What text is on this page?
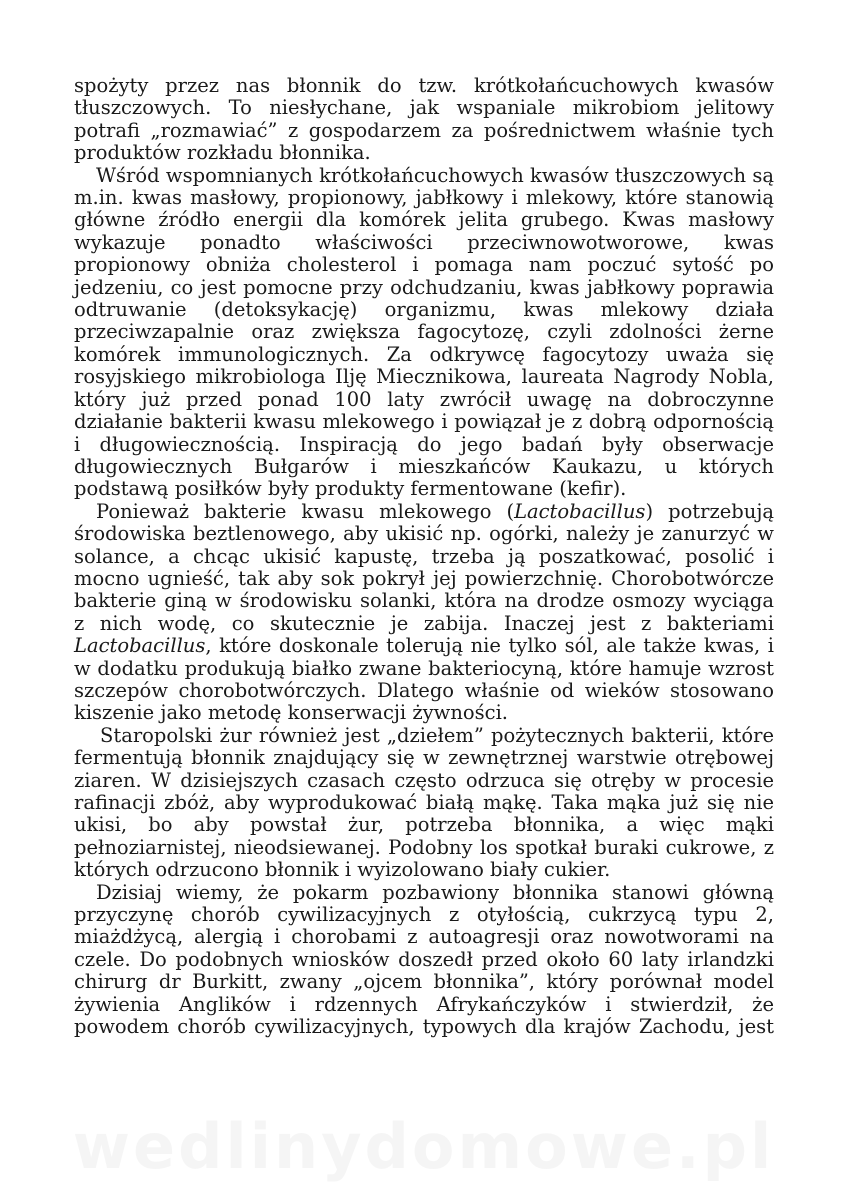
spożyty przez nas błonnik do tzw. krótkołańcuchowych kwasów tłuszczowych. To niesłychane, jak wspaniale mikrobiom jelitowy potrafi „rozmawiać” z gospodarzem za pośrednictwem właśnie tych produktów rozkładu błonnika.

Wśród wspomnianych krótkołańcuchowych kwasów tłuszczowych są m.in. kwas masłowy, propionowy, jabłkowy i mlekowy, które stanowią główne źródło energii dla komórek jelita grubego. Kwas masłowy wykazuje ponadto właściwości przeciwnowotworowe, kwas propionowy obniża cholesterol i pomaga nam poczuć sytość po jedzeniu, co jest pomocne przy odchudzaniu, kwas jabłkowy poprawia odtruwanie (detoksykację) organizmu, kwas mlekowy działa przeciwzapalnie oraz zwiększa fagocytozę, czyli zdolności żerne komórek immunologicznych. Za odkrywcę fagocytozy uważa się rosyjskiego mikrobiologa Ilję Miecznikowa, laureata Nagrody Nobla, który już przed ponad 100 laty zwrócił uwagę na dobroczynne działanie bakterii kwasu mlekowego i powiązał je z dobrą odpornością i długowiecznością. Inspiracją do jego badań były obserwacje długowiecznych Bułgarów i mieszkańców Kaukazu, u których podstawą posiłków były produkty fermentowane (kefir).

Ponieważ bakterie kwasu mlekowego (Lactobacillus) potrzebują środowiska beztlenowego, aby ukisić np. ogórki, należy je zanurzyć w solance, a chcąc ukisić kapustę, trzeba ją poszatkować, posolić i mocno ugnieść, tak aby sok pokrył jej powierzchnię. Chorobotwórcze bakterie giną w środowisku solanki, która na drodze osmozy wyciąga z nich wodę, co skutecznie je zabija. Inaczej jest z bakteriami Lactobacillus, które doskonale tolerują nie tylko sól, ale także kwas, i w dodatku produkują białko zwane bakteriocyną, które hamuje wzrost szczepów chorobotwórczych. Dlatego właśnie od wieków stosowano kiszenie jako metodę konserwacji żywności.

Staropolski żur również jest „dziełem” pożytecznych bakterii, które fermentują błonnik znajdujący się w zewnętrznej warstwie otrębowej ziaren. W dzisiejszych czasach często odrzuca się otręby w procesie rafinacji zbóż, aby wyprodukować białą mąkę. Taka mąka już się nie ukisi, bo aby powstał żur, potrzeba błonnika, a więc mąki pełnoziarnistej, nieodsiewanej. Podobny los spotkał buraki cukrowe, z których odrzucono błonnik i wyizolowano biały cukier.

Dzisiaj wiemy, że pokarm pozbawiony błonnika stanowi główną przyczynę chorób cywilizacyjnych z otyłością, cukrzycą typu 2, miażdżycą, alergią i chorobami z autoagresji oraz nowotworami na czele. Do podobnych wniosków doszedł przed około 60 laty irlandzki chirurg dr Burkitt, zwany „ojcem błonnika”, który porównał model żywienia Anglików i rdzennych Afrykańczyków i stwierdził, że powodem chorób cywilizacyjnych, typowych dla krajów Zachodu, jest

wedlinydomowe.pl
